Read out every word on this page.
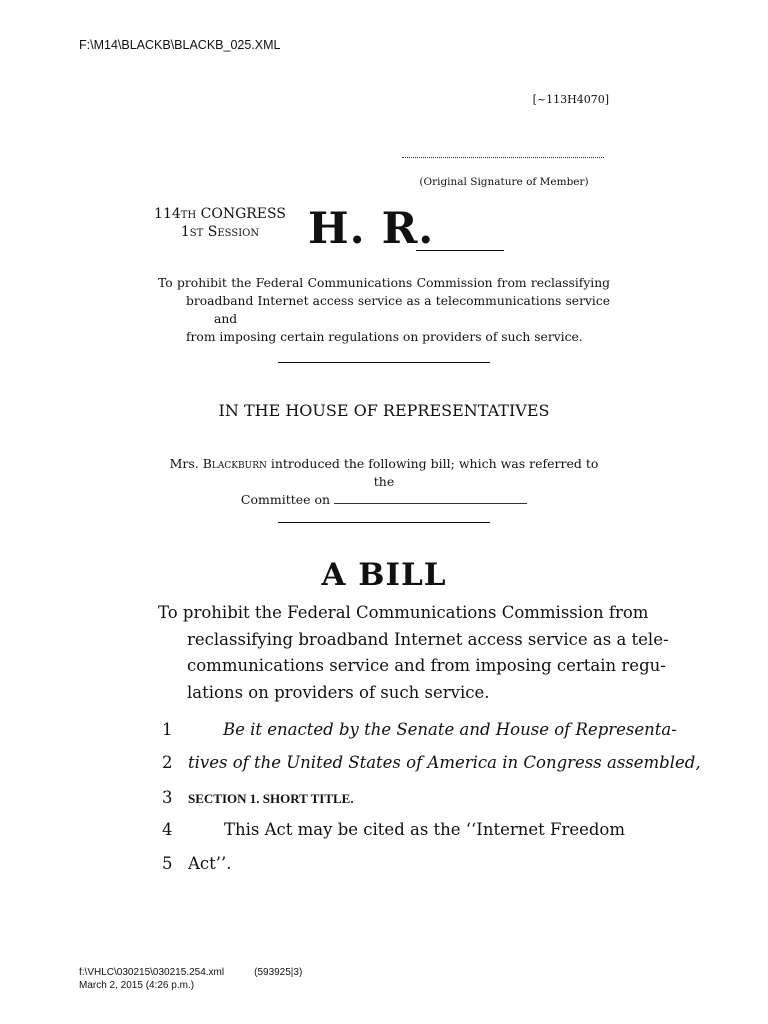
F:\M14\BLACKB\BLACKB_025.XML
[~113H4070]
(Original Signature of Member)
114TH CONGRESS
1ST Session	H. R.
To prohibit the Federal Communications Commission from reclassifying
broadband Internet access service as a telecommunications service and
from imposing certain regulations on providers of such service.
IN THE HOUSE OF REPRESENTATIVES
Mrs. Blackburn introduced the following bill; which was referred to the
Committee on
A BILL
To prohibit the Federal Communications Commission from
reclassifying broadband Internet access service as a tele-
communications service and from imposing certain regu-
lations on providers of such service.
1	Be it enacted by the Senate and House of Representa-
2 tives of the United States of America in Congress assembled,
3 SECTION 1. SHORT TITLE.
4	This Act may be cited as the ‘‘Internet Freedom
5 Act’’.
f:\VHLC\030215\030215.254.xml	(593925|3)
March 2, 2015 (4:26 p.m.)
